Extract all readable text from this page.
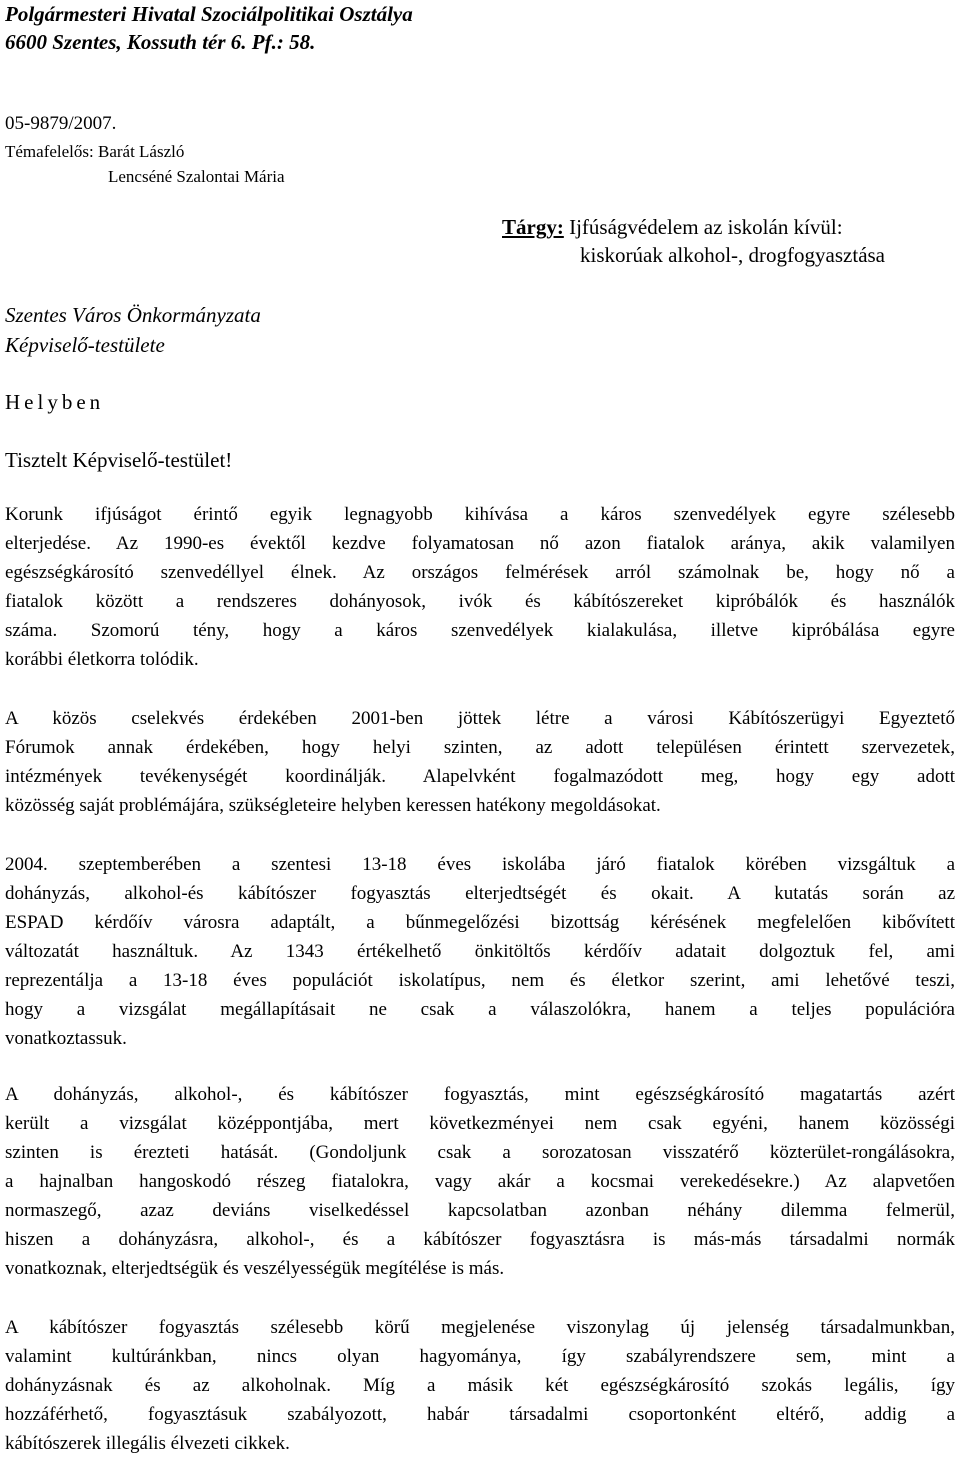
Polgármesteri Hivatal Szociálpolitikai Osztálya
6600 Szentes, Kossuth tér 6. Pf.: 58.
05-9879/2007.
Témafelelős: Barát László
Lencséné Szalontai Mária
Tárgy: Ijfúságvédelem az iskolán kívül:
kiskorúak alkohol-, drogfogyasztása
Szentes Város Önkormányzata
Képviselő-testülete
Helyben
Tisztelt Képviselő-testület!
Korunk ifjúságot érintő egyik legnagyobb kihívása a káros szenvedélyek egyre szélesebb
elterjedése. Az 1990-es évektől kezdve folyamatosan nő azon fiatalok aránya, akik valamilyen
egészségkárosító szenvedéllyel élnek. Az országos felmérések arról számolnak be, hogy nő a
fiatalok között a rendszeres dohányosok, ivók és kábítószereket kipróbálók és használók
száma. Szomorú tény, hogy a káros szenvedélyek kialakulása, illetve kipróbálása egyre
korábbi életkorra tolódik.
A közös cselekvés érdekében 2001-ben jöttek létre a városi Kábítószerügyi Egyeztető
Fórumok annak érdekében, hogy helyi szinten, az adott településen érintett szervezetek,
intézmények tevékenységét koordinálják. Alapelvként fogalmazódott meg, hogy egy adott
közösség saját problémájára, szükségleteire helyben keressen hatékony megoldásokat.
2004. szeptemberében a szentesi 13-18 éves iskolába járó fiatalok körében vizsgáltuk a
dohányzás, alkohol-és kábítószer fogyasztás elterjedtségét és okait. A kutatás során az
ESPAD kérdőív városra adaptált, a bűnmegelőzési bizottság kérésének megfelelően kibővített
változatát használtuk. Az 1343 értékelhető önkitöltős kérdőív adatait dolgoztuk fel, ami
reprezentálja a 13-18 éves populációt iskolatípus, nem és életkor szerint, ami lehetővé teszi,
hogy a vizsgálat megállapításait ne csak a válaszolókra, hanem a teljes populációra
vonatkoztassuk.
A dohányzás, alkohol-, és kábítószer fogyasztás, mint egészségkárosító magatartás azért
került a vizsgálat középpontjába, mert következményei nem csak egyéni, hanem közösségi
szinten is érezteti hatását. (Gondoljunk csak a sorozatosan visszatérő közterület-rongálásokra,
a hajnalban hangoskodó részeg fiatalokra, vagy akár a kocsmai verekedésekre.) Az alapvetően
normaszegő, azaz deviáns viselkedéssel kapcsolatban azonban néhány dilemma felmerül,
hiszen a dohányzásra, alkohol-, és a kábítószer fogyasztásra is más-más társadalmi normák
vonatkoznak, elterjedtségük és veszélyességük megítélése is más.
A kábítószer fogyasztás szélesebb körű megjelenése viszonylag új jelenség társadalmunkban,
valamint kultúránkban, nincs olyan hagyománya, így szabályrendszere sem, mint a
dohányzásnak és az alkoholnak. Míg a másik két egészségkárosító szokás legális, így
hozzáférhető, fogyasztásuk szabályozott, habár társadalmi csoportonként eltérő, addig a
kábítószerek illegális élvezeti cikkek.
